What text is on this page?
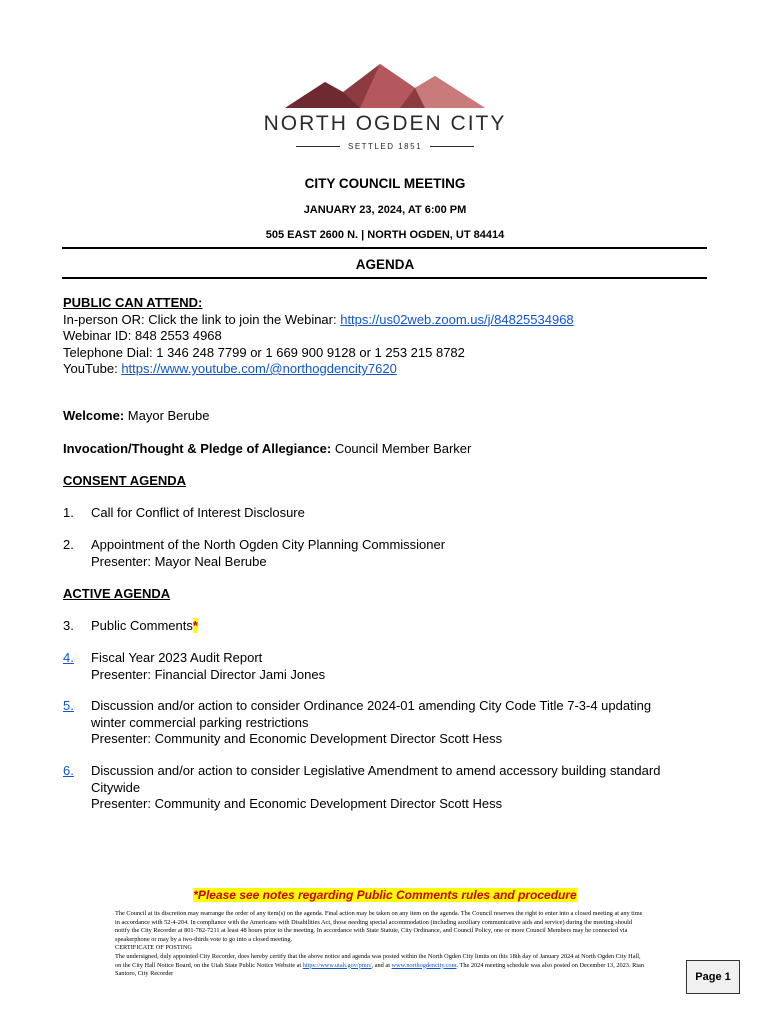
NORTH OGDEN CITY
SETTLED 1851
CITY COUNCIL MEETING
JANUARY 23, 2024, AT 6:00 PM
505 EAST 2600 N. | NORTH OGDEN, UT 84414
AGENDA
PUBLIC CAN ATTEND:
In-person OR: Click the link to join the Webinar: https://us02web.zoom.us/j/84825534968
Webinar ID: 848 2553 4968
Telephone Dial: 1 346 248 7799 or 1 669 900 9128 or 1 253 215 8782
YouTube: https://www.youtube.com/@northogdencity7620
Welcome: Mayor Berube
Invocation/Thought & Pledge of Allegiance: Council Member Barker
CONSENT AGENDA
1.	Call for Conflict of Interest Disclosure
2.	Appointment of the North Ogden City Planning Commissioner
Presenter: Mayor Neal Berube
ACTIVE AGENDA
3.	Public Comments*
4.	Fiscal Year 2023 Audit Report
Presenter: Financial Director Jami Jones
5.	Discussion and/or action to consider Ordinance 2024-01 amending City Code Title 7-3-4 updating
winter commercial parking restrictions
Presenter: Community and Economic Development Director Scott Hess
6.	Discussion and/or action to consider Legislative Amendment to amend accessory building standard
Citywide
Presenter: Community and Economic Development Director Scott Hess
*Please see notes regarding Public Comments rules and procedure
The Council at its discretion may rearrange the order of any item(s) on the agenda. Final action may be taken on any item on the agenda. The Council reserves the right to enter into a closed meeting at any time in accordance with 52-4-204. In compliance with the Americans with Disabilities Act, those needing special accommodation (including auxiliary communicative aids and service) during the meeting should notify the City Recorder at 801-782-7211 at least 48 hours prior to the meeting. In accordance with State Statute, City Ordinance, and Council Policy, one or more Council Members may be connected via speakerphone or may by a two-thirds vote to go into a closed meeting.
CERTIFICATE OF POSTING
The undersigned, duly appointed City Recorder, does hereby certify that the above notice and agenda was posted within the North Ogden City limits on this 18th day of January 2024 at North Ogden City Hall, on the City Hall Notice Board, on the Utah State Public Notice Website at https://www.utah.gov/pmn/, and at www.northogdencity.com. The 2024 meeting schedule was also posted on December 13, 2023. Rian Santoro, City Recorder	Page 1
